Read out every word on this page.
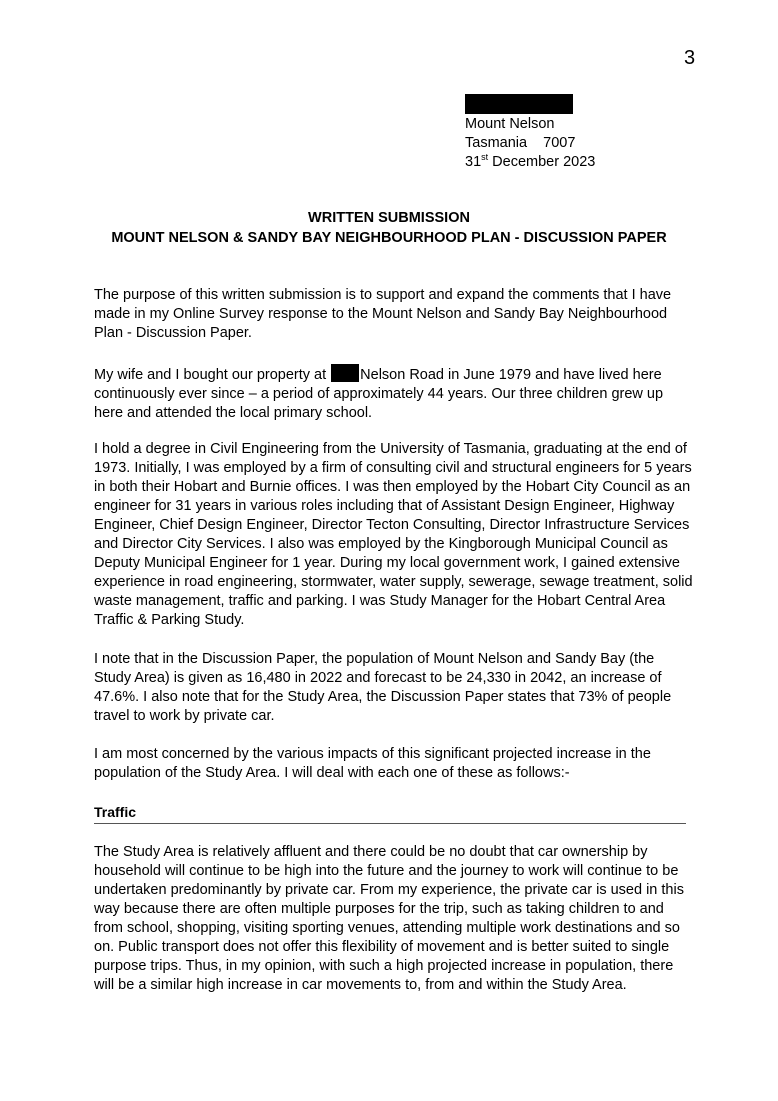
3
Mount Nelson
Tasmania    7007
31st December 2023
WRITTEN SUBMISSION
MOUNT NELSON & SANDY BAY NEIGHBOURHOOD PLAN - DISCUSSION PAPER

The purpose of this written submission is to support and expand the comments that I have made in my Online Survey response to the Mount Nelson and Sandy Bay Neighbourhood Plan - Discussion Paper.

My wife and I bought our property at Nelson Road in June 1979 and have lived here continuously ever since – a period of approximately 44 years. Our three children grew up here and attended the local primary school.

I hold a degree in Civil Engineering from the University of Tasmania, graduating at the end of 1973. Initially, I was employed by a firm of consulting civil and structural engineers for 5 years in both their Hobart and Burnie offices. I was then employed by the Hobart City Council as an engineer for 31 years in various roles including that of Assistant Design Engineer, Highway Engineer, Chief Design Engineer, Director Tecton Consulting, Director Infrastructure Services and Director City Services. I also was employed by the Kingborough Municipal Council as Deputy Municipal Engineer for 1 year. During my local government work, I gained extensive experience in road engineering, stormwater, water supply, sewerage, sewage treatment, solid waste management, traffic and parking. I was Study Manager for the Hobart Central Area Traffic & Parking Study.

I note that in the Discussion Paper, the population of Mount Nelson and Sandy Bay (the Study Area) is given as 16,480 in 2022 and forecast to be 24,330 in 2042, an increase of 47.6%. I also note that for the Study Area, the Discussion Paper states that 73% of people travel to work by private car.

I am most concerned by the various impacts of this significant projected increase in the population of the Study Area. I will deal with each one of these as follows:-

Traffic

The Study Area is relatively affluent and there could be no doubt that car ownership by household will continue to be high into the future and the journey to work will continue to be undertaken predominantly by private car. From my experience, the private car is used in this way because there are often multiple purposes for the trip, such as taking children to and from school, shopping, visiting sporting venues, attending multiple work destinations and so on. Public transport does not offer this flexibility of movement and is better suited to single purpose trips. Thus, in my opinion, with such a high projected increase in population, there will be a similar high increase in car movements to, from and within the Study Area.
